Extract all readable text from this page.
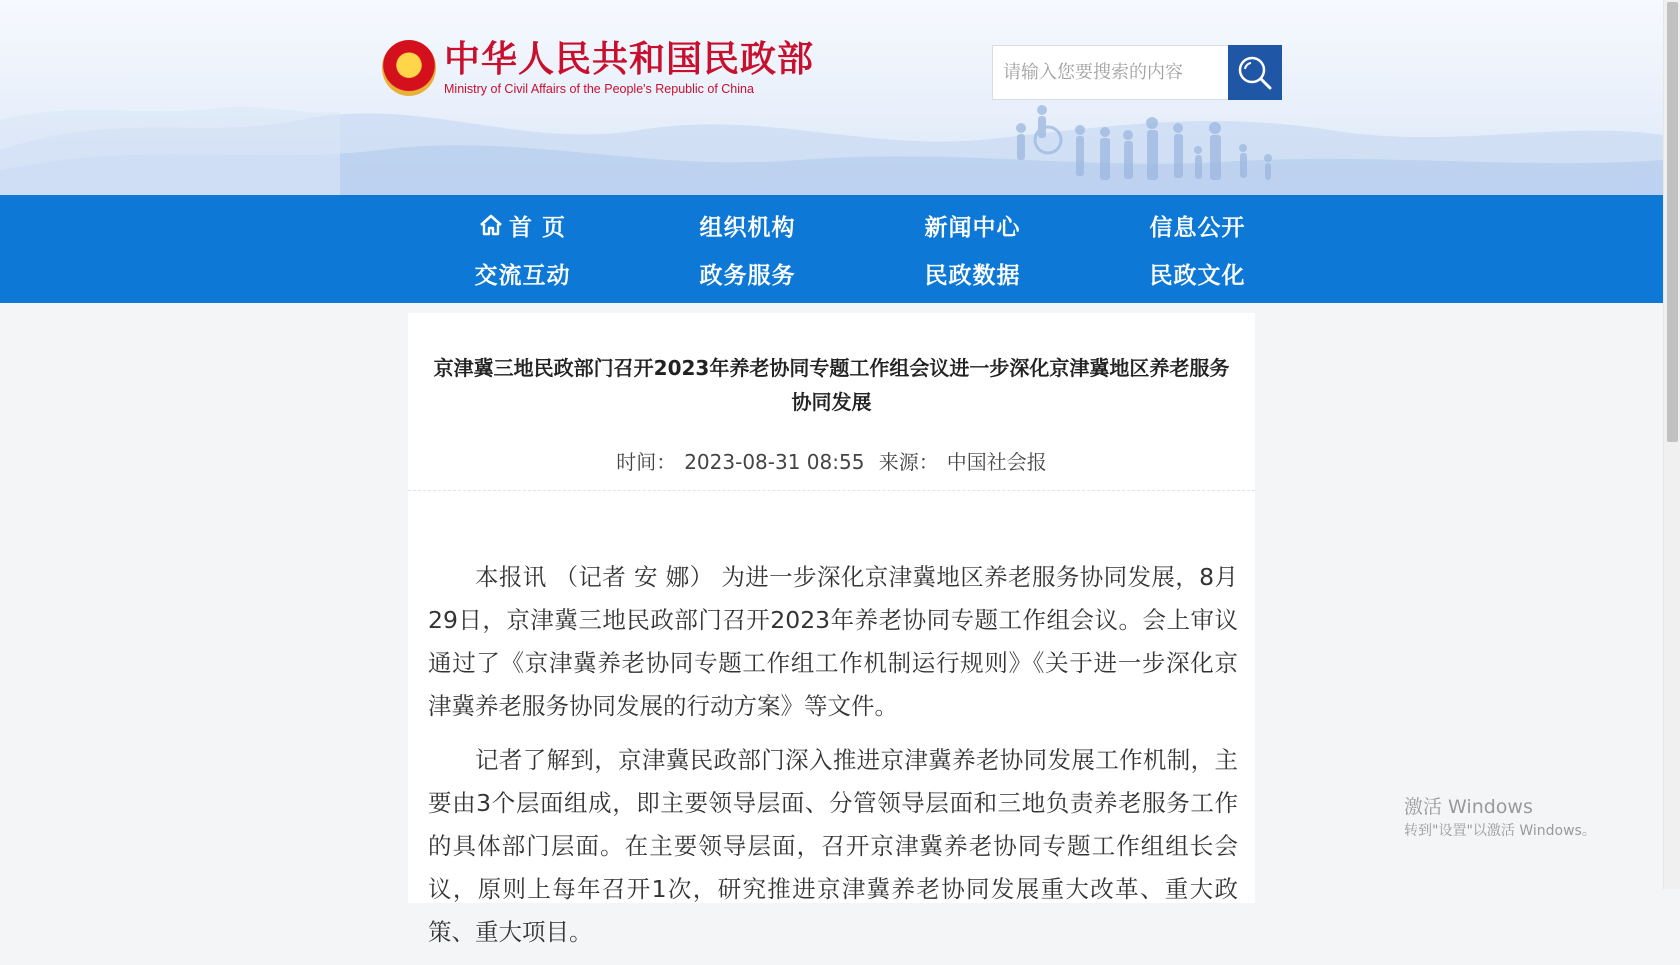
★
中华人民共和国民政部
Ministry of Civil Affairs of the People's Republic of China
请输入您要搜索的内容
首 页	组织机构	新闻中心	信息公开
交流互动	政务服务	民政数据	民政文化
京津冀三地民政部门召开2023年养老协同专题工作组会议进一步深化京津冀地区养老服务协同发展
时间： 2023-08-31 08:55 来源： 中国社会报

本报讯 （记者 安 娜） 为进一步深化京津冀地区养老服务协同发展，8月29日，京津冀三地民政部门召开2023年养老协同专题工作组会议。会上审议通过了《京津冀养老协同专题工作组工作机制运行规则》《关于进一步深化京津冀养老服务协同发展的行动方案》等文件。

记者了解到，京津冀民政部门深入推进京津冀养老协同发展工作机制，主要由3个层面组成，即主要领导层面、分管领导层面和三地负责养老服务工作的具体部门层面。在主要领导层面，召开京津冀养老协同专题工作组组长会议，原则上每年召开1次，研究推进京津冀养老协同发展重大改革、重大政策、重大项目。

激活 Windows
转到"设置"以激活 Windows。
